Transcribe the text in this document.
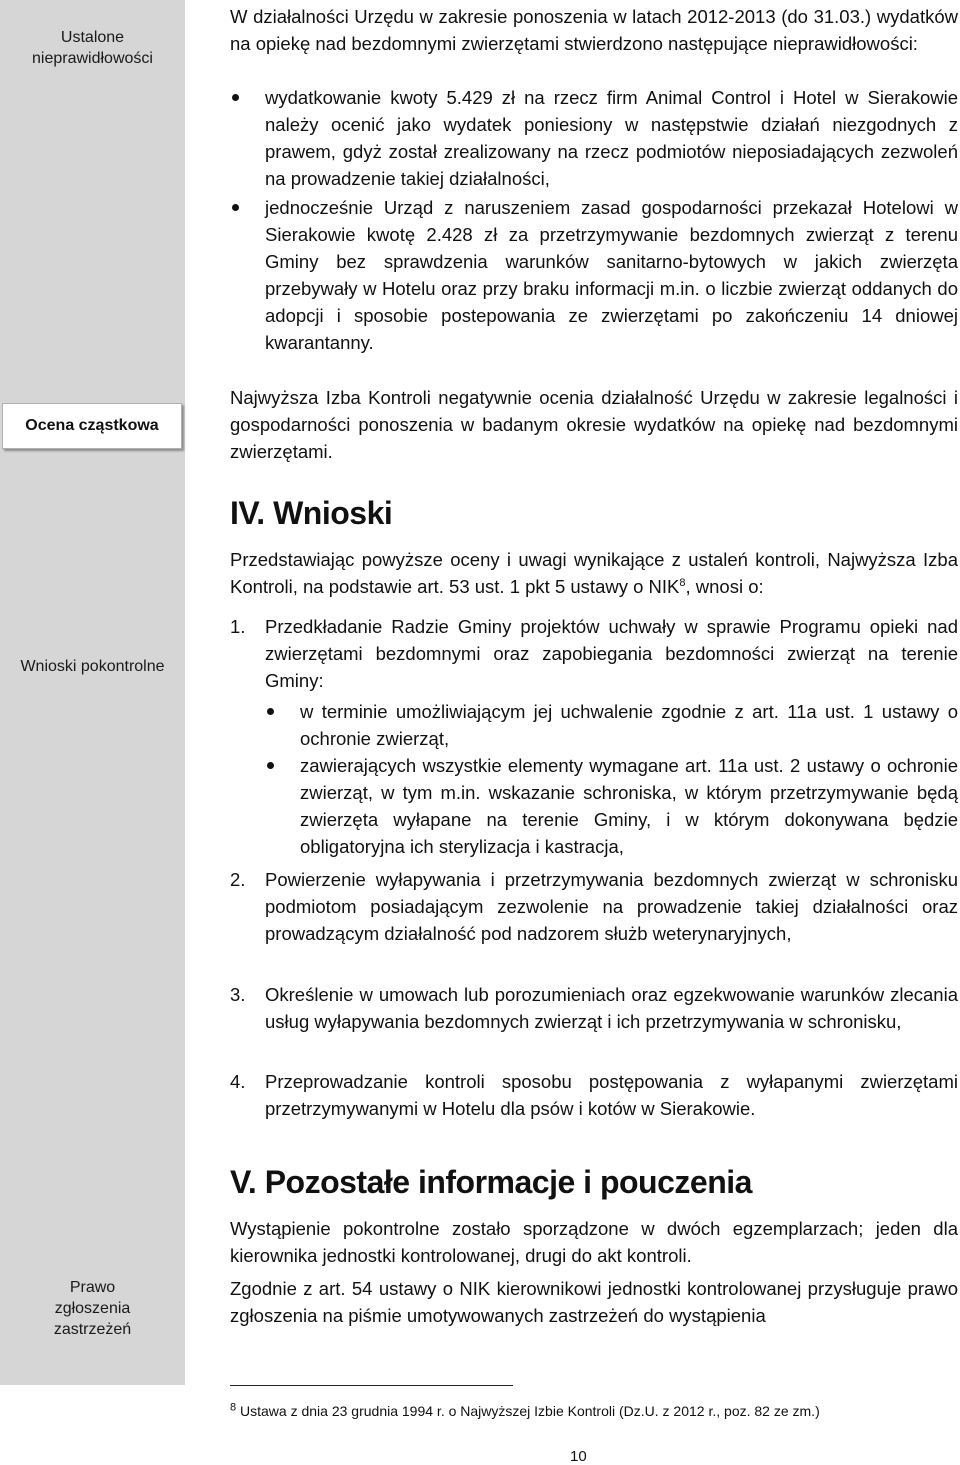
Ustalone nieprawidłowości
Ocena cząstkowa
Wnioski pokontrolne
Prawo zgłoszenia zastrzeżeń

W działalności Urzędu w zakresie ponoszenia w latach 2012-2013 (do 31.03.) wydatków na opiekę nad bezdomnymi zwierzętami stwierdzono następujące nieprawidłowości:

wydatkowanie kwoty 5.429 zł na rzecz firm Animal Control i Hotel w Sierakowie należy ocenić jako wydatek poniesiony w następstwie działań niezgodnych z prawem, gdyż został zrealizowany na rzecz podmiotów nieposiadających zezwoleń na prowadzenie takiej działalności,

jednocześnie Urząd z naruszeniem zasad gospodarności przekazał Hotelowi w Sierakowie kwotę 2.428 zł za przetrzymywanie bezdomnych zwierząt z terenu Gminy bez sprawdzenia warunków sanitarno-bytowych w jakich zwierzęta przebywały w Hotelu oraz przy braku informacji m.in. o liczbie zwierząt oddanych do adopcji i sposobie postepowania ze zwierzętami po zakończeniu 14 dniowej kwarantanny.

Najwyższa Izba Kontroli negatywnie ocenia działalność Urzędu w zakresie legalności i gospodarności ponoszenia w badanym okresie wydatków na opiekę nad bezdomnymi zwierzętami.

IV. Wnioski

Przedstawiając powyższe oceny i uwagi wynikające z ustaleń kontroli, Najwyższa Izba Kontroli, na podstawie art. 53 ust. 1 pkt 5 ustawy o NIK$^8$, wnosi o:

1. Przedkładanie Radzie Gminy projektów uchwały w sprawie Programu opieki nad zwierzętami bezdomnymi oraz zapobiegania bezdomności zwierząt na terenie Gminy:

w terminie umożliwiającym jej uchwalenie zgodnie z art. 11a ust. 1 ustawy o ochronie zwierząt,

zawierających wszystkie elementy wymagane art. 11a ust. 2 ustawy o ochronie zwierząt, w tym m.in. wskazanie schroniska, w którym przetrzymywanie będą zwierzęta wyłapane na terenie Gminy, i w którym dokonywana będzie obligatoryjna ich sterylizacja i kastracja,

2. Powierzenie wyłapywania i przetrzymywania bezdomnych zwierząt w schronisku podmiotom posiadającym zezwolenie na prowadzenie takiej działalności oraz prowadzącym działalność pod nadzorem służb weterynaryjnych,

3. Określenie w umowach lub porozumieniach oraz egzekwowanie warunków zlecania usług wyłapywania bezdomnych zwierząt i ich przetrzymywania w schronisku,

4. Przeprowadzanie kontroli sposobu postępowania z wyłapanymi zwierzętami przetrzymywanymi w Hotelu dla psów i kotów w Sierakowie.

V. Pozostałe informacje i pouczenia

Wystąpienie pokontrolne zostało sporządzone w dwóch egzemplarzach; jeden dla kierownika jednostki kontrolowanej, drugi do akt kontroli.

Zgodnie z art. 54 ustawy o NIK kierownikowi jednostki kontrolowanej przysługuje prawo zgłoszenia na piśmie umotywowanych zastrzeżeń do wystąpienia

$^8$ Ustawa z dnia 23 grudnia 1994 r. o Najwyższej Izbie Kontroli (Dz.U. z 2012 r., poz. 82 ze zm.)
10
